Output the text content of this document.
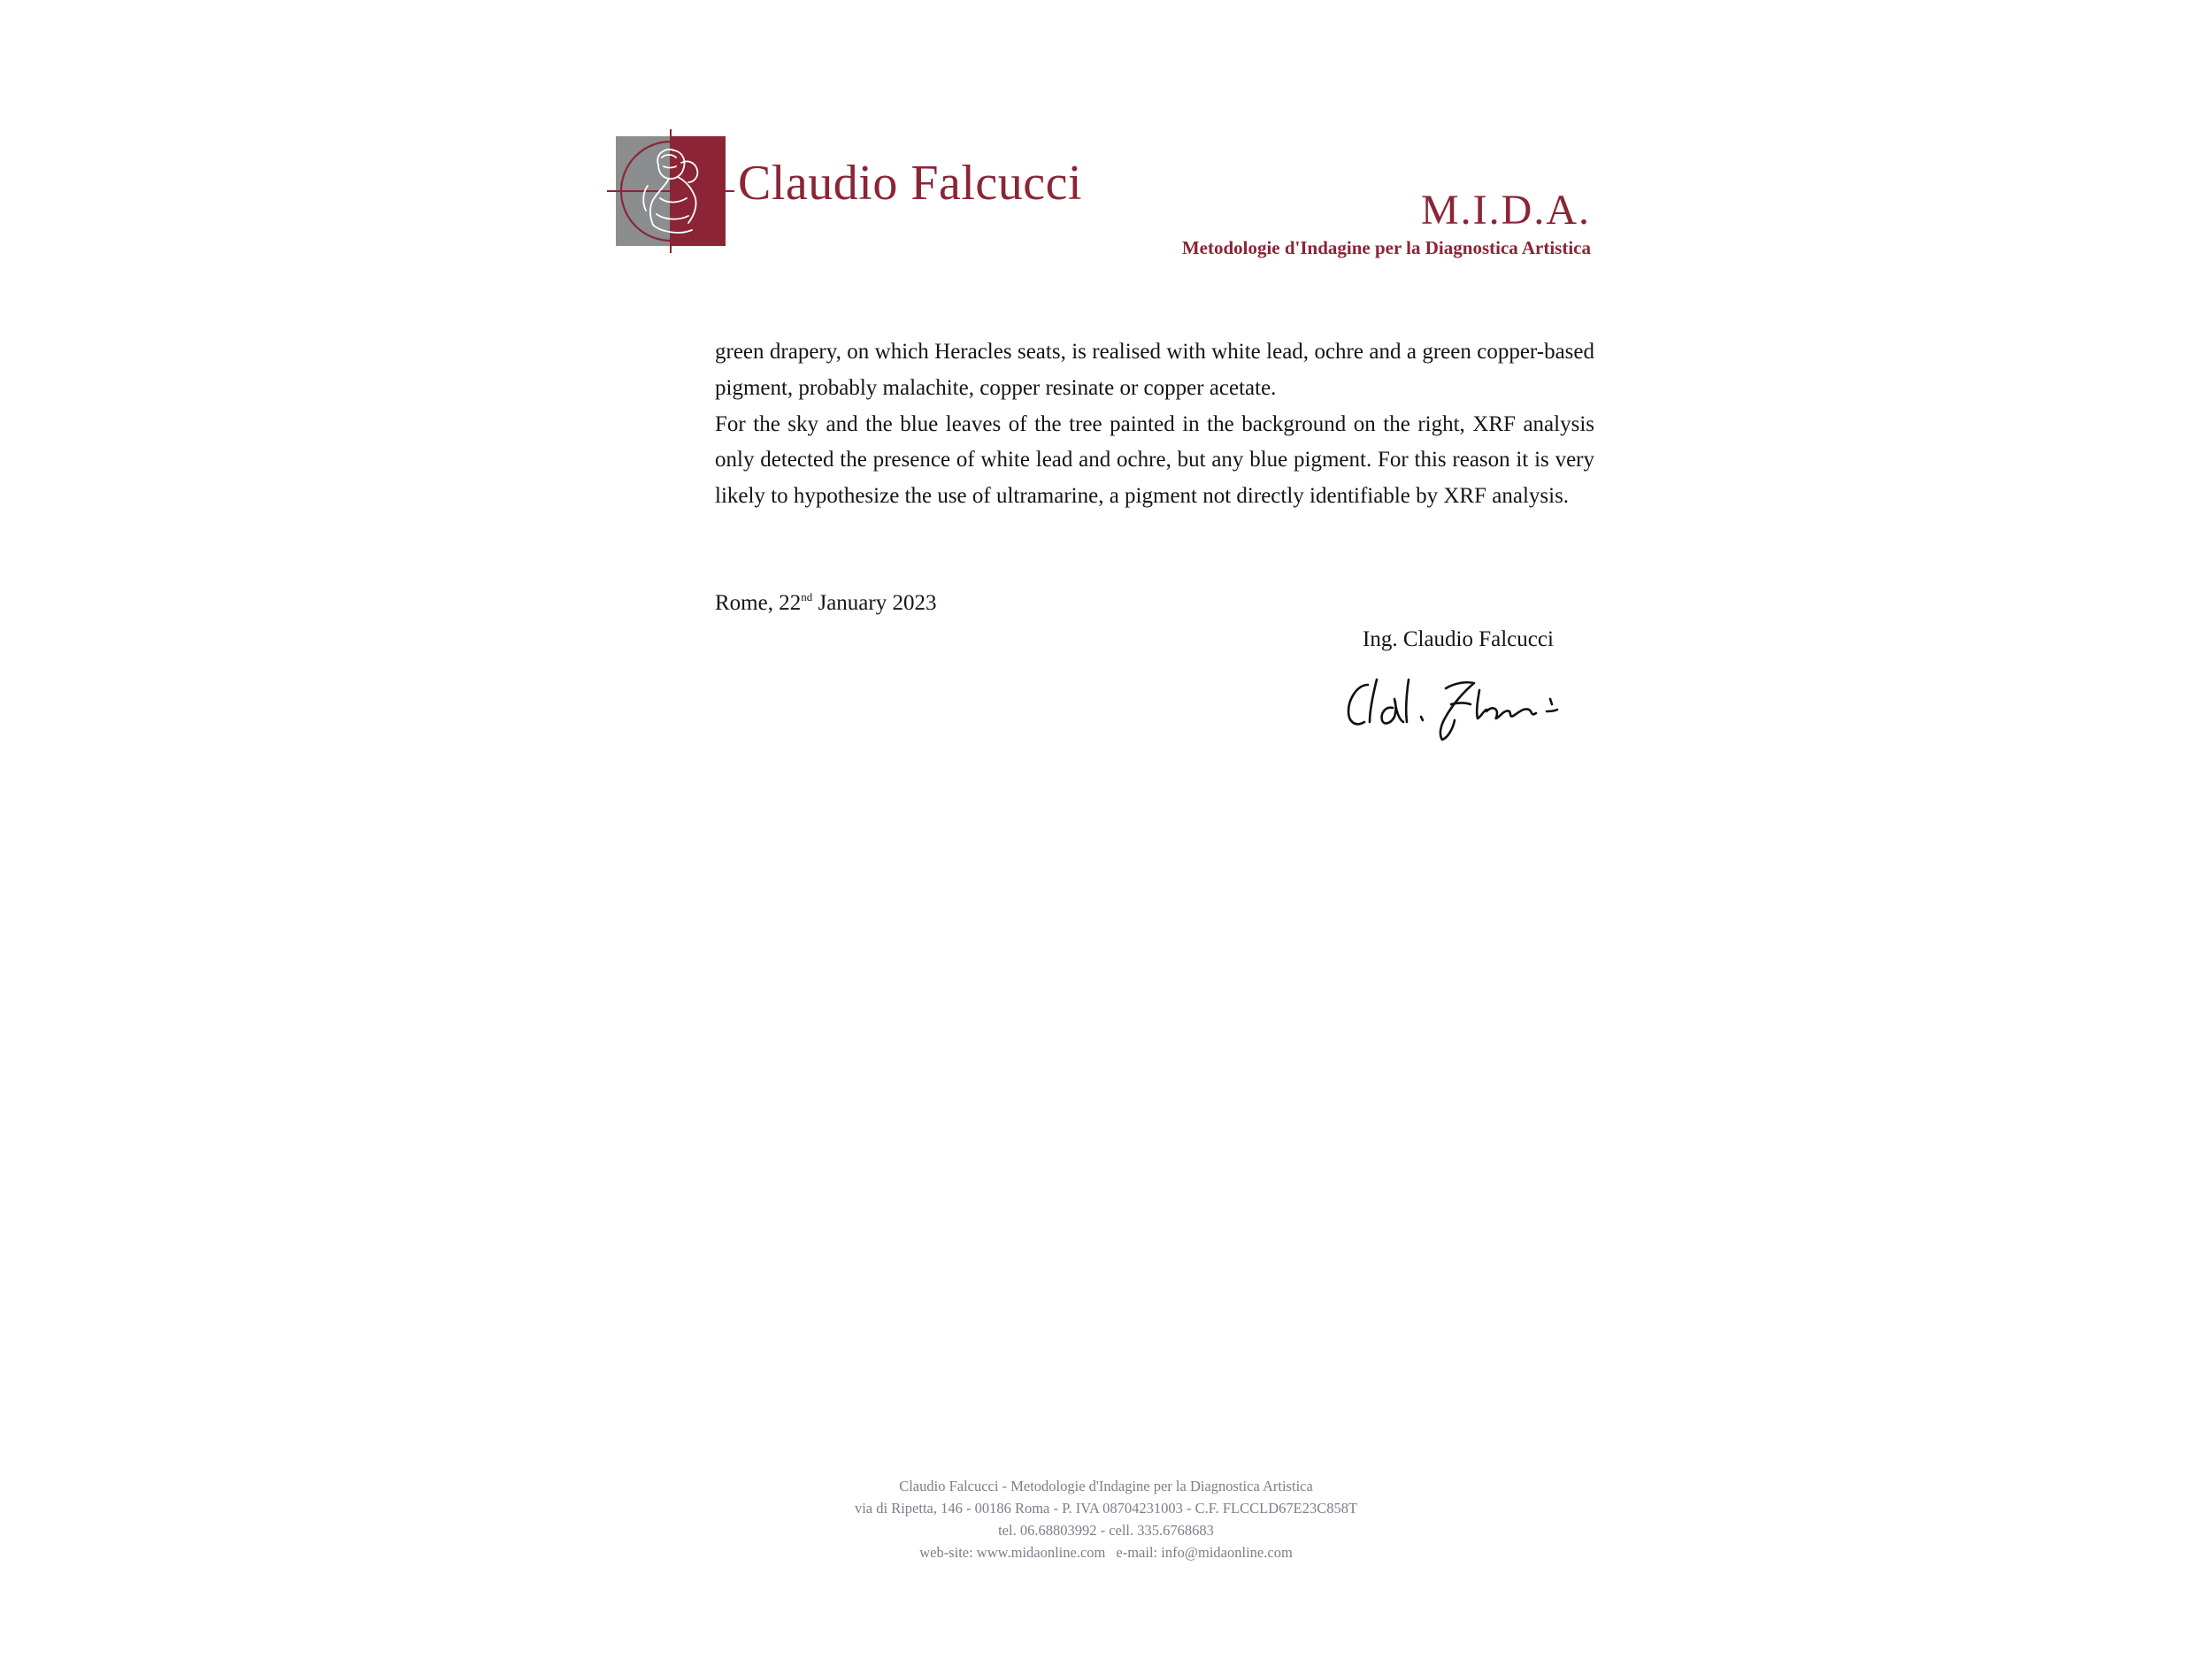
Claudio Falcucci	M.I.D.A.
Metodologie d'Indagine per la Diagnostica Artistica

green drapery, on which Heracles seats, is realised with white lead, ochre and a green copper-based pigment, probably malachite, copper resinate or copper acetate.

For the sky and the blue leaves of the tree painted in the background on the right, XRF analysis only detected the presence of white lead and ochre, but any blue pigment. For this reason it is very likely to hypothesize the use of ultramarine, a pigment not directly identifiable by XRF analysis.

Rome, 22nd January 2023
Ing. Claudio Falcucci
Claudio Falcucci - Metodologie d'Indagine per la Diagnostica Artistica
via di Ripetta, 146 - 00186 Roma - P. IVA 08704231003 - C.F. FLCCLD67E23C858T
tel. 06.68803992 - cell. 335.6768683
web-site: www.midaonline.com e-mail: info@midaonline.com
